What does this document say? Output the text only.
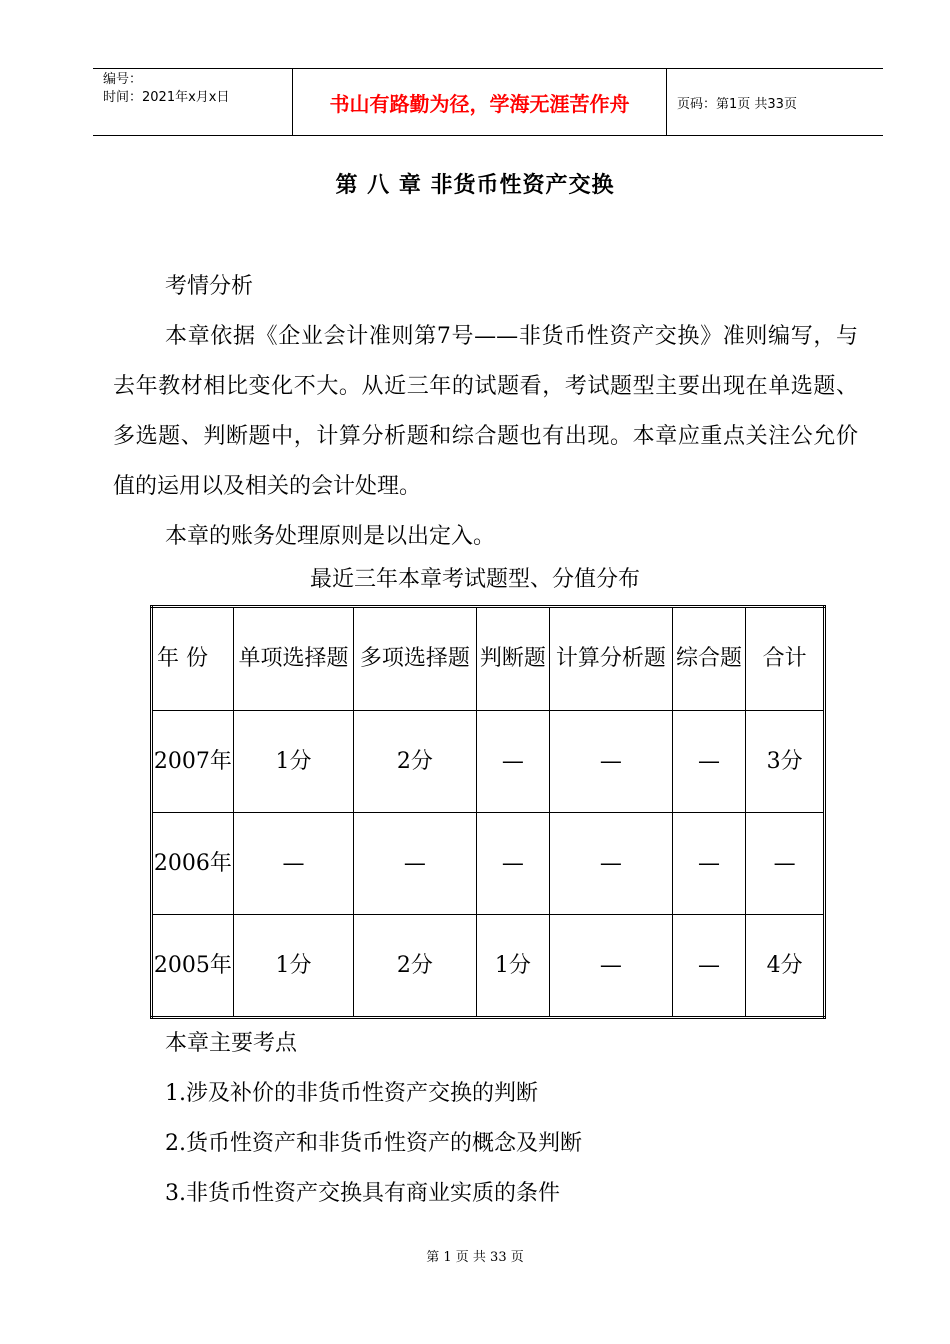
编号：
时间：2021年x月x日	书山有路勤为径，学海无涯苦作舟	页码：第1页 共33页
第 八 章 非货币性资产交换
考情分析
本章依据《企业会计准则第7号——非货币性资产交换》准则编写，与去年教材相比变化不大。从近三年的试题看，考试题型主要出现在单选题、多选题、判断题中，计算分析题和综合题也有出现。本章应重点关注公允价值的运用以及相关的会计处理。
本章的账务处理原则是以出定入。
最近三年本章考试题型、分值分布
年 份	单项选择题	多项选择题	判断题	计算分析题	综合题	合计
2007年	1分	2分	—	—	—	3分
2006年	—	—	—	—	—	—
2005年	1分	2分	1分	—	—	4分
本章主要考点
1.涉及补价的非货币性资产交换的判断
2.货币性资产和非货币性资产的概念及判断
3.非货币性资产交换具有商业实质的条件
第 1 页 共 33 页
